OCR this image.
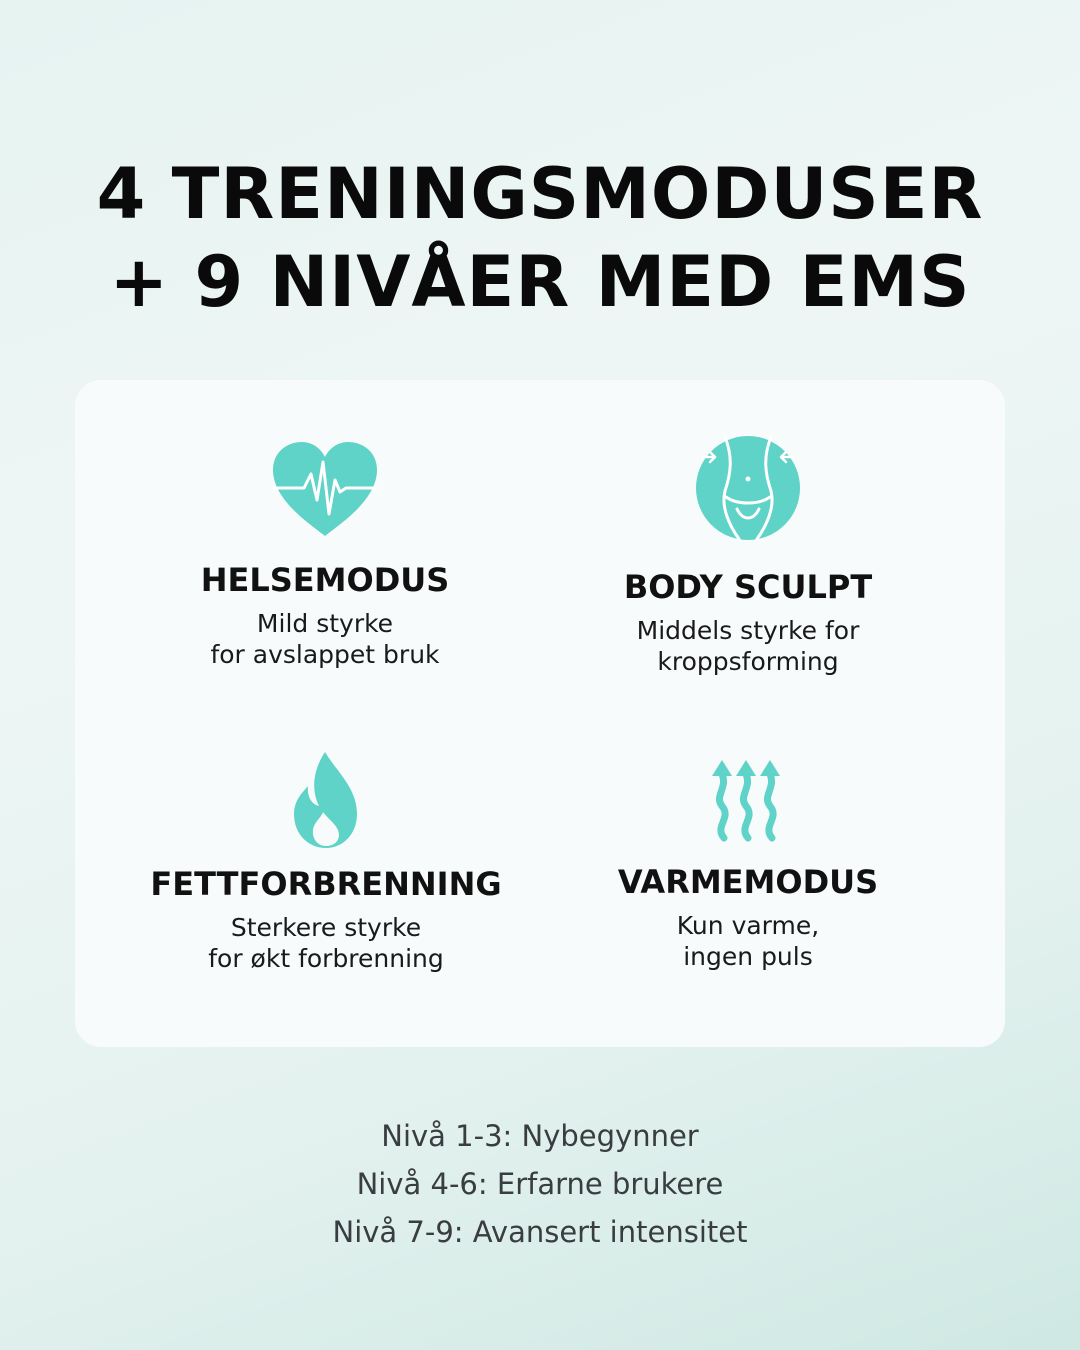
4 TRENINGSMODUSER
+ 9 NIVÅER MED EMS
HELSEMODUS
Mild styrke
for avslappet bruk
BODY SCULPT
Middels styrke for
kroppsforming
FETTFORBRENNING
Sterkere styrke
for økt forbrenning
VARMEMODUS
Kun varme,
ingen puls
Nivå 1-3: Nybegynner
Nivå 4-6: Erfarne brukere
Nivå 7-9: Avansert intensitet
